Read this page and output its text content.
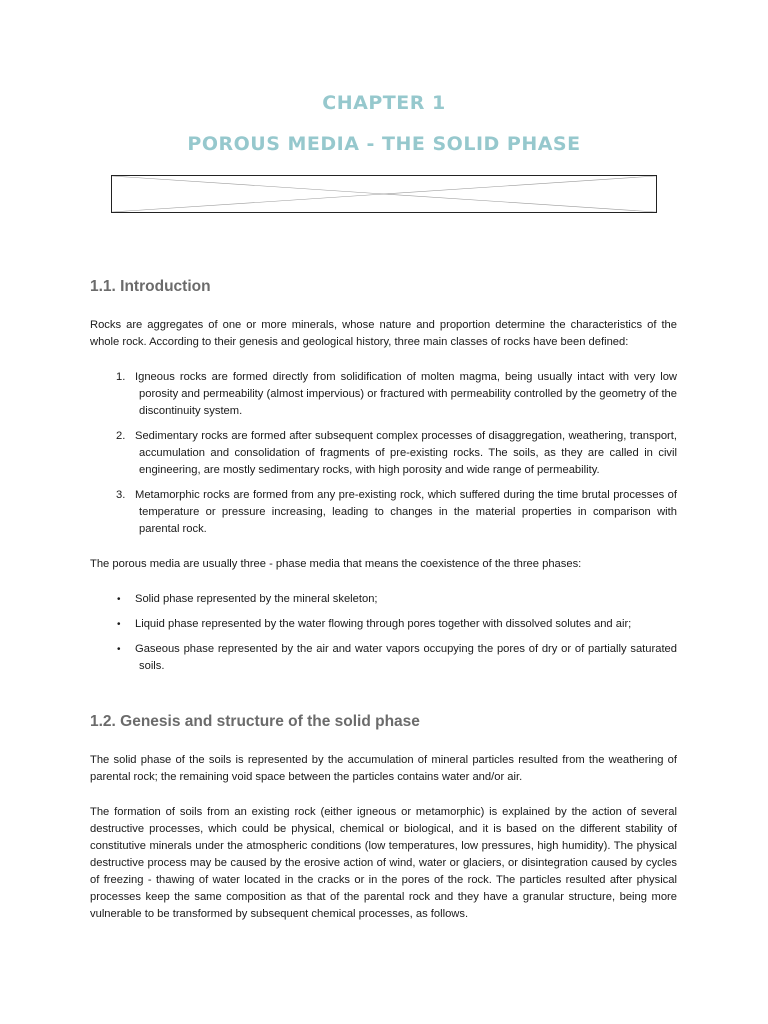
CHAPTER 1
POROUS MEDIA - THE SOLID PHASE
1.1. Introduction

Rocks are aggregates of one or more minerals, whose nature and proportion determine the characteristics of the whole rock. According to their genesis and geological history, three main classes of rocks have been defined:

1. Igneous rocks are formed directly from solidification of molten magma, being usually intact with very low porosity and permeability (almost impervious) or fractured with permeability controlled by the geometry of the discontinuity system.
2. Sedimentary rocks are formed after subsequent complex processes of disaggregation, weathering, transport, accumulation and consolidation of fragments of pre-existing rocks. The soils, as they are called in civil engineering, are mostly sedimentary rocks, with high porosity and wide range of permeability.
3. Metamorphic rocks are formed from any pre-existing rock, which suffered during the time brutal processes of temperature or pressure increasing, leading to changes in the material properties in comparison with parental rock.

The porous media are usually three - phase media that means the coexistence of the three phases:

• Solid phase represented by the mineral skeleton;
• Liquid phase represented by the water flowing through pores together with dissolved solutes and air;
• Gaseous phase represented by the air and water vapors occupying the pores of dry or of partially saturated soils.
1.2. Genesis and structure of the solid phase

The solid phase of the soils is represented by the accumulation of mineral particles resulted from the weathering of parental rock; the remaining void space between the particles contains water and/or air.

The formation of soils from an existing rock (either igneous or metamorphic) is explained by the action of several destructive processes, which could be physical, chemical or biological, and it is based on the different stability of constitutive minerals under the atmospheric conditions (low temperatures, low pressures, high humidity). The physical destructive process may be caused by the erosive action of wind, water or glaciers, or disintegration caused by cycles of freezing - thawing of water located in the cracks or in the pores of the rock. The particles resulted after physical processes keep the same composition as that of the parental rock and they have a granular structure, being more vulnerable to be transformed by subsequent chemical processes, as follows.
